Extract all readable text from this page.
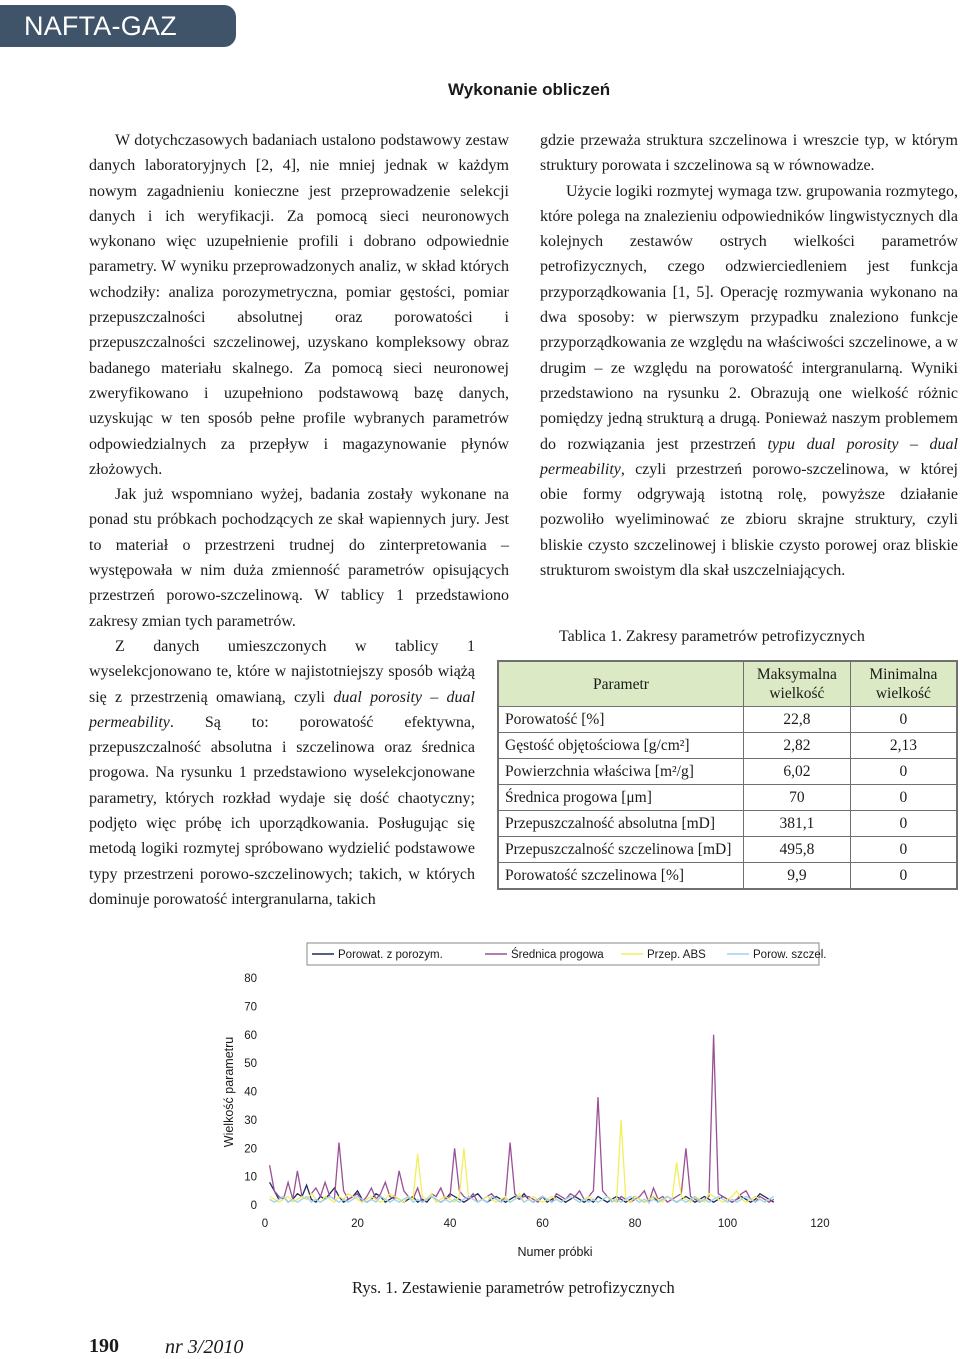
NAFTA-GAZ
Wykonanie obliczeń

W dotychczasowych badaniach ustalono podstawowy zestaw danych laboratoryjnych [2, 4], nie mniej jednak w każdym nowym zagadnieniu konieczne jest przeprowadzenie selekcji danych i ich weryfikacji. Za pomocą sieci neuronowych wykonano więc uzupełnienie profili i dobrano odpowiednie parametry. W wyniku przeprowadzonych analiz, w skład których wchodziły: analiza porozymetryczna, pomiar gęstości, pomiar przepuszczalności absolutnej oraz porowatości i przepuszczalności szczelinowej, uzyskano kompleksowy obraz badanego materiału skalnego. Za pomocą sieci neuronowej zweryfikowano i uzupełniono podstawową bazę danych, uzyskując w ten sposób pełne profile wybranych parametrów odpowiedzialnych za przepływ i magazynowanie płynów złożowych.

Jak już wspomniano wyżej, badania zostały wykonane na ponad stu próbkach pochodzących ze skał wapiennych jury. Jest to materiał o przestrzeni trudnej do zinterpretowania – występowała w nim duża zmienność parametrów opisujących przestrzeń porowo-szczelinową. W tablicy 1 przedstawiono zakresy zmian tych parametrów.

Z danych umieszczonych w tablicy 1 wyselekcjonowano te, które w najistotniejszy sposób wiążą się z przestrzenią omawianą, czyli dual porosity – dual permeability. Są to: porowatość efektywna, przepuszczalność absolutna i szczelinowa oraz średnica progowa. Na rysunku 1 przedstawiono wyselekcjonowane parametry, których rozkład wydaje się dość chaotyczny; podjęto więc próbę ich uporządkowania. Posługując się metodą logiki rozmytej spróbowano wydzielić podstawowe typy przestrzeni porowo-szczelinowych; takich, w których dominuje porowatość intergranularna, takich

gdzie przeważa struktura szczelinowa i wreszcie typ, w którym struktury porowata i szczelinowa są w równowadze.

Użycie logiki rozmytej wymaga tzw. grupowania rozmytego, które polega na znalezieniu odpowiedników lingwistycznych dla kolejnych zestawów ostrych wielkości parametrów petrofizycznych, czego odzwierciedleniem jest funkcja przyporządkowania [1, 5]. Operację rozmywania wykonano na dwa sposoby: w pierwszym przypadku znaleziono funkcje przyporządkowania ze względu na właściwości szczelinowe, a w drugim – ze względu na porowatość intergranularną. Wyniki przedstawiono na rysunku 2. Obrazują one wielkość różnic pomiędzy jedną strukturą a drugą. Ponieważ naszym problemem do rozwiązania jest przestrzeń typu dual porosity – dual permeability, czyli przestrzeń porowo-szczelinowa, w której obie formy odgrywają istotną rolę, powyższe działanie pozwoliło wyeliminować ze zbioru skrajne struktury, czyli bliskie czysto szczelinowej i bliskie czysto porowej oraz bliskie strukturom swoistym dla skał uszczelniających.

Tablica 1. Zakresy parametrów petrofizycznych
Parametr	Maksymalna wielkość	Minimalna wielkość
Porowatość [%]	22,8	0
Gęstość objętościowa [g/cm²]	2,82	2,13
Powierzchnia właściwa [m²/g]	6,02	0
Średnica progowa [μm]	70	0
Przepuszczalność absolutna [mD]	381,1	0
Przepuszczalność szczelinowa [mD]	495,8	0
Porowatość szczelinowa [%]	9,9	0
0
10
20
30
40
50
60
70
80
0	20	40	60	80	100	120
Numer próbki
Wielkość parametru
Porowat. z porozym.	Średnica progowa	Przep. ABS	Porow. szczel.
Rys. 1. Zestawienie parametrów petrofizycznych
190 nr 3/2010
